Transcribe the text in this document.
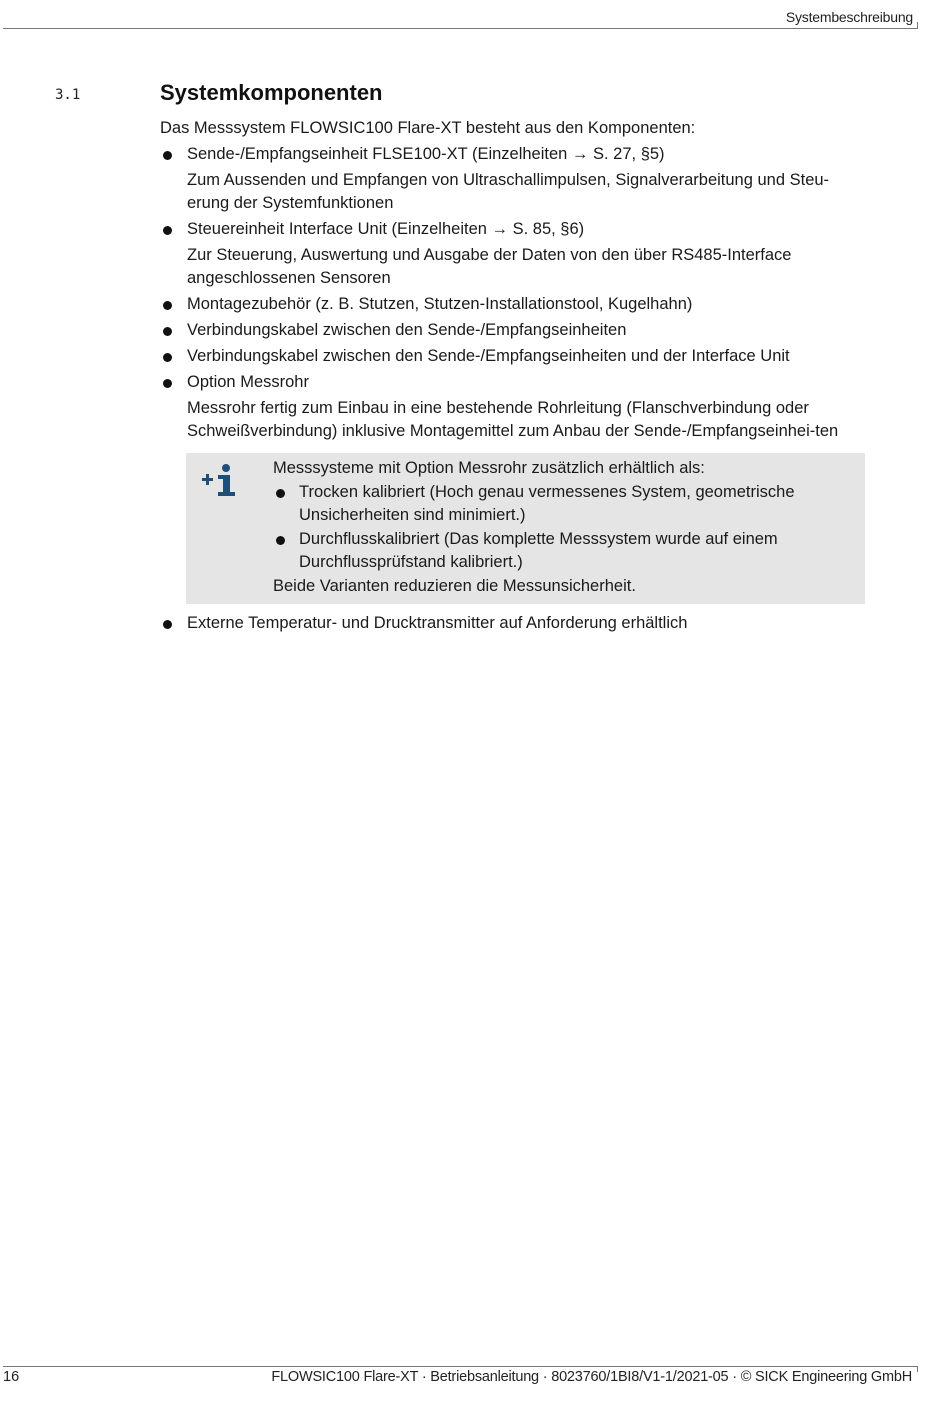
Systembeschreibung
3.1	Systemkomponenten
Das Messsystem FLOWSIC100 Flare-XT besteht aus den Komponenten:
Sende-/Empfangseinheit FLSE100-XT (Einzelheiten → S. 27, §5)
Zum Aussenden und Empfangen von Ultraschallimpulsen, Signalverarbeitung und Steu-erung der Systemfunktionen
Steuereinheit Interface Unit (Einzelheiten → S. 85, §6)
Zur Steuerung, Auswertung und Ausgabe der Daten von den über RS485-Interface angeschlossenen Sensoren
Montagezubehör (z. B. Stutzen, Stutzen-Installationstool, Kugelhahn)
Verbindungskabel zwischen den Sende-/Empfangseinheiten
Verbindungskabel zwischen den Sende-/Empfangseinheiten und der Interface Unit
Option Messrohr
Messrohr fertig zum Einbau in eine bestehende Rohrleitung (Flanschverbindung oder Schweißverbindung) inklusive Montagemittel zum Anbau der Sende-/Empfangseinhei-ten
Messsysteme mit Option Messrohr zusätzlich erhältlich als:
Trocken kalibriert (Hoch genau vermessenes System, geometrische Unsicherheiten sind minimiert.)
Durchflusskalibriert (Das komplette Messsystem wurde auf einem Durchflussprüfstand kalibriert.)
Beide Varianten reduzieren die Messunsicherheit.
Externe Temperatur- und Drucktransmitter auf Anforderung erhältlich
16	FLOWSIC100 Flare-XT · Betriebsanleitung · 8023760/1BI8/V1-1/2021-05 · © SICK Engineering GmbH
